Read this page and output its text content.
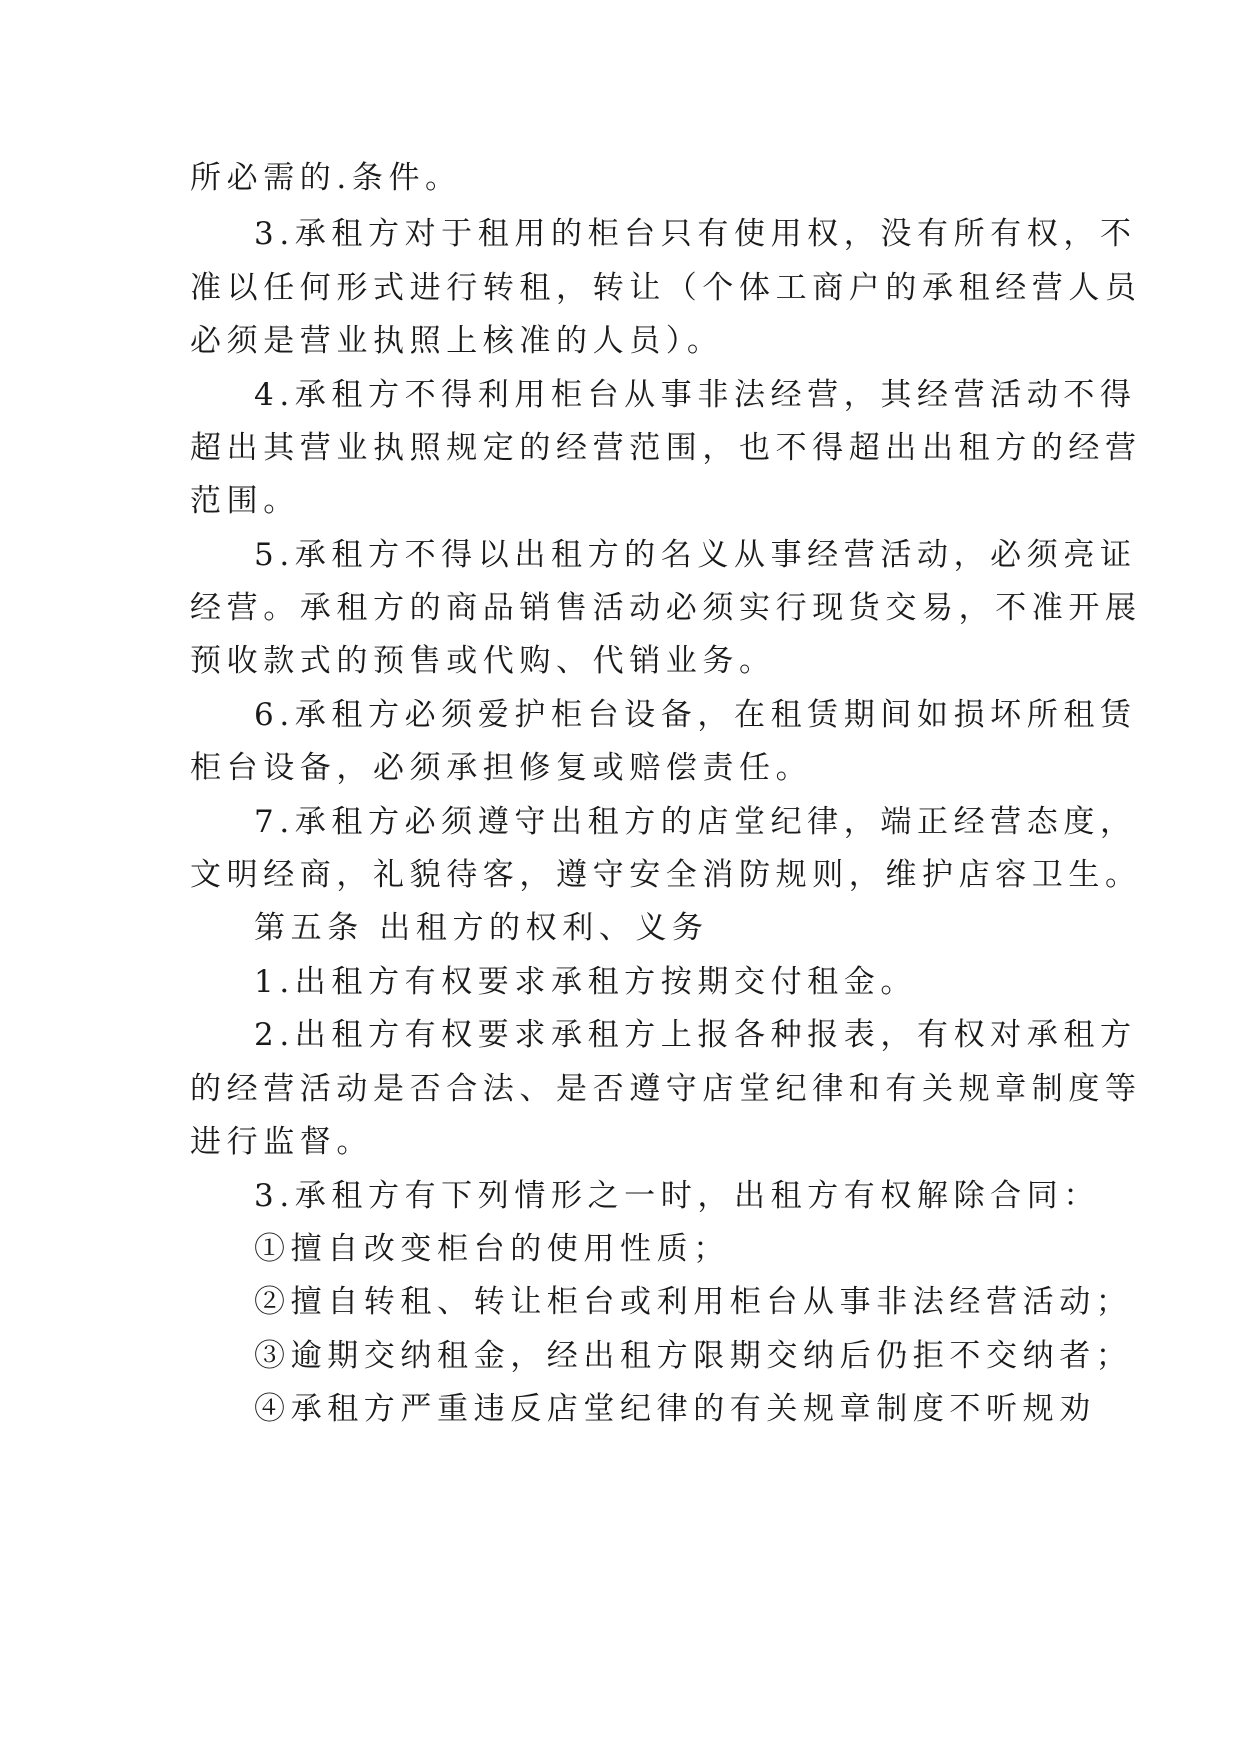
所必需的.条件。
3.承租方对于租用的柜台只有使用权，没有所有权，不
准以任何形式进行转租，转让（个体工商户的承租经营人员
必须是营业执照上核准的人员）。
4.承租方不得利用柜台从事非法经营，其经营活动不得
超出其营业执照规定的经营范围，也不得超出出租方的经营
范围。
5.承租方不得以出租方的名义从事经营活动，必须亮证
经营。承租方的商品销售活动必须实行现货交易，不准开展
预收款式的预售或代购、代销业务。
6.承租方必须爱护柜台设备，在租赁期间如损坏所租赁
柜台设备，必须承担修复或赔偿责任。
7.承租方必须遵守出租方的店堂纪律，端正经营态度，
文明经商，礼貌待客，遵守安全消防规则，维护店容卫生。
第五条 出租方的权利、义务
1.出租方有权要求承租方按期交付租金。
2.出租方有权要求承租方上报各种报表，有权对承租方
的经营活动是否合法、是否遵守店堂纪律和有关规章制度等
进行监督。
3.承租方有下列情形之一时，出租方有权解除合同：
①擅自改变柜台的使用性质；
②擅自转租、转让柜台或利用柜台从事非法经营活动；
③逾期交纳租金，经出租方限期交纳后仍拒不交纳者；
④承租方严重违反店堂纪律的有关规章制度不听规劝
